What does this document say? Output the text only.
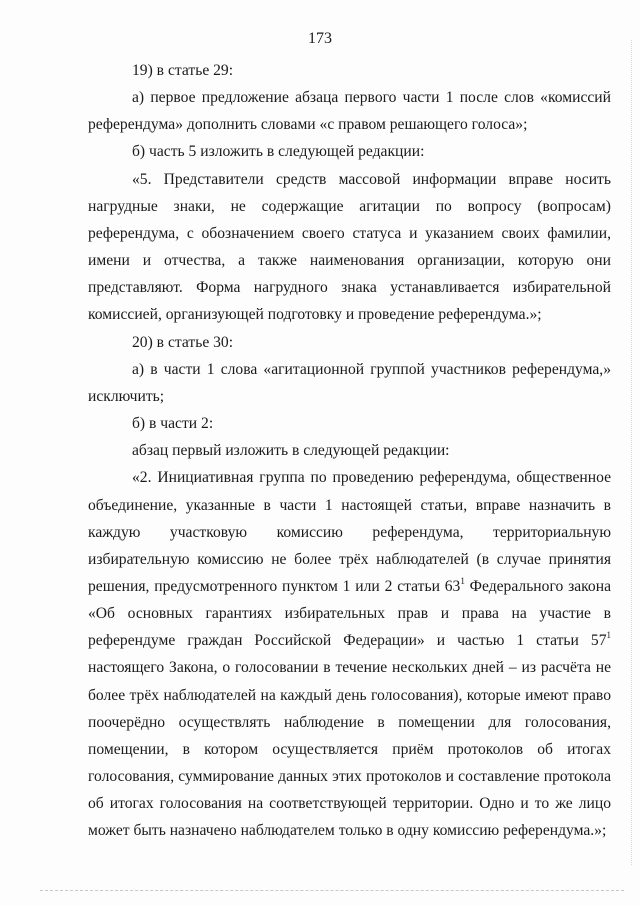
173

19) в статье 29:

а) первое предложение абзаца первого части 1 после слов «комиссий референдума» дополнить словами «с правом решающего голоса»;

б) часть 5 изложить в следующей редакции:

«5. Представители средств массовой информации вправе носить нагрудные знаки, не содержащие агитации по вопросу (вопросам) референдума, с обозначением своего статуса и указанием своих фамилии, имени и отчества, а также наименования организации, которую они представляют. Форма нагрудного знака устанавливается избирательной комиссией, организующей подготовку и проведение референдума.»;

20) в статье 30:

а) в части 1 слова «агитационной группой участников референдума,» исключить;

б) в части 2:

абзац первый изложить в следующей редакции:

«2. Инициативная группа по проведению референдума, общественное объединение, указанные в части 1 настоящей статьи, вправе назначить в каждую участковую комиссию референдума, территориальную избирательную комиссию не более трёх наблюдателей (в случае принятия решения, предусмотренного пунктом 1 или 2 статьи $63^1$ Федерального закона «Об основных гарантиях избирательных прав и права на участие в референдуме граждан Российской Федерации» и частью 1 статьи $57^1$ настоящего Закона, о голосовании в течение нескольких дней – из расчёта не более трёх наблюдателей на каждый день голосования), которые имеют право поочерёдно осуществлять наблюдение в помещении для голосования, помещении, в котором осуществляется приём протоколов об итогах голосования, суммирование данных этих протоколов и составление протокола об итогах голосования на соответствующей территории. Одно и то же лицо может быть назначено наблюдателем только в одну комиссию референдума.»;
